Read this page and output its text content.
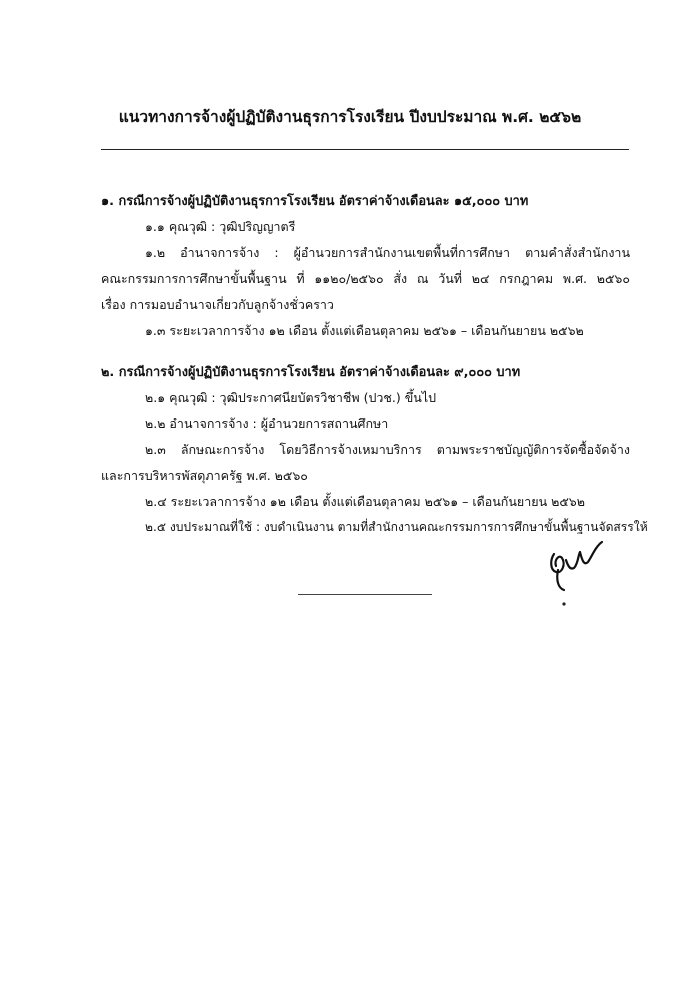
แนวทางการจ้างผู้ปฏิบัติงานธุรการโรงเรียน ปีงบประมาณ พ.ศ. ๒๕๖๒
๑. กรณีการจ้างผู้ปฏิบัติงานธุรการโรงเรียน อัตราค่าจ้างเดือนละ ๑๕,๐๐๐ บาท
๑.๑ คุณวุฒิ : วุฒิปริญญาตรี
๑.๒ อำนาจการจ้าง : ผู้อำนวยการสำนักงานเขตพื้นที่การศึกษา ตามคำสั่งสำนักงาน
คณะกรรมการการศึกษาขั้นพื้นฐาน ที่ ๑๑๒๐/๒๕๖๐ สั่ง ณ วันที่ ๒๔ กรกฎาคม พ.ศ. ๒๕๖๐
เรื่อง การมอบอำนาจเกี่ยวกับลูกจ้างชั่วคราว
๑.๓ ระยะเวลาการจ้าง ๑๒ เดือน ตั้งแต่เดือนตุลาคม ๒๕๖๑ – เดือนกันยายน ๒๕๖๒
๒. กรณีการจ้างผู้ปฏิบัติงานธุรการโรงเรียน อัตราค่าจ้างเดือนละ ๙,๐๐๐ บาท
๒.๑ คุณวุฒิ : วุฒิประกาศนียบัตรวิชาชีพ (ปวช.) ขึ้นไป
๒.๒ อำนาจการจ้าง : ผู้อำนวยการสถานศึกษา
๒.๓ ลักษณะการจ้าง โดยวิธีการจ้างเหมาบริการ ตามพระราชบัญญัติการจัดซื้อจัดจ้าง
และการบริหารพัสดุภาครัฐ พ.ศ. ๒๕๖๐
๒.๔ ระยะเวลาการจ้าง ๑๒ เดือน ตั้งแต่เดือนตุลาคม ๒๕๖๑ – เดือนกันยายน ๒๕๖๒
๒.๕ งบประมาณที่ใช้ : งบดำเนินงาน ตามที่สำนักงานคณะกรรมการการศึกษาขั้นพื้นฐานจัดสรรให้
